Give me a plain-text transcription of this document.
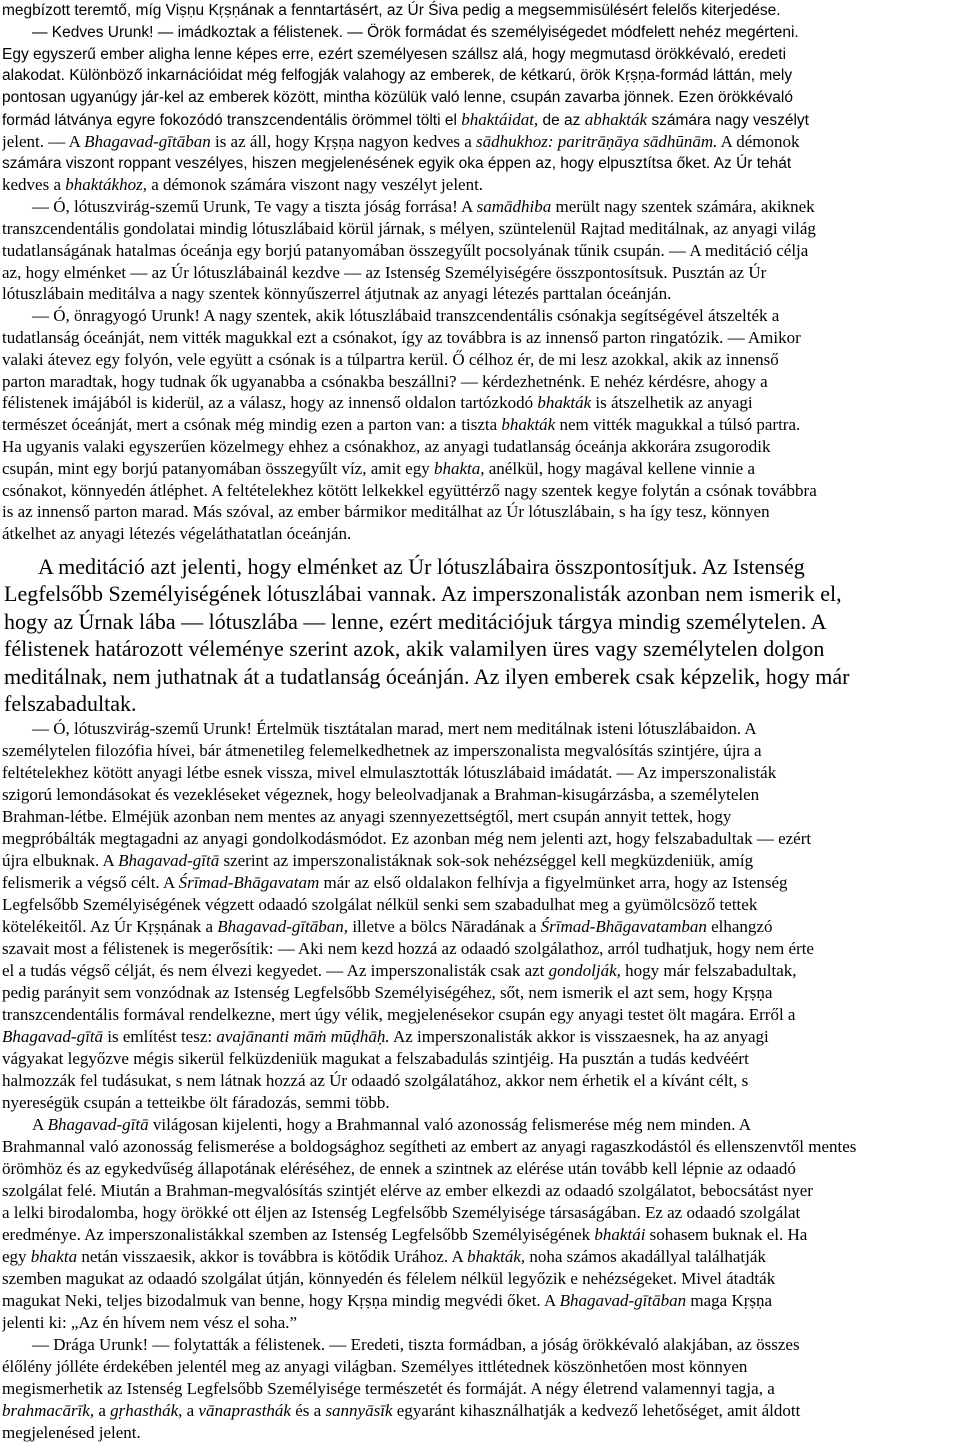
megbízott teremtő, míg Viṣṇu Kṛṣṇának a fenntartásért, az Úr Śiva pedig a megsemmisülésért felelős kiterjedése.
— Kedves Urunk! — imádkoztak a félistenek. — Örök formádat és személyiségedet módfelett nehéz megérteni.
Egy egyszerű ember aligha lenne képes erre, ezért személyesen szállsz alá, hogy megmutasd örökkévaló, eredeti
alakodat. Különböző inkarnációidat még felfogják valahogy az emberek, de kétkarú, örök Kṛṣṇa-formád láttán, mely
pontosan ugyanúgy jár-kel az emberek között, mintha közülük való lenne, csupán zavarba jönnek. Ezen örökkévaló
formád látványa egyre fokozódó transzcendentális örömmel tölti el bhaktáidat, de az abhakták számára nagy veszélyt
jelent. — A Bhagavad-gītāban is az áll, hogy Kṛṣṇa nagyon kedves a sādhukhoz: paritrāṇāya sādhūnām. A démonok
számára viszont roppant veszélyes, hiszen megjelenésének egyik oka éppen az, hogy elpusztítsa őket. Az Úr tehát
kedves a bhaktákhoz, a démonok számára viszont nagy veszélyt jelent.
— Ó, lótuszvirág-szemű Urunk, Te vagy a tiszta jóság forrása! A samādhiba merült nagy szentek számára, akiknek
transzcendentális gondolatai mindig lótuszlábaid körül járnak, s mélyen, szüntelenül Rajtad meditálnak, az anyagi világ
tudatlanságának hatalmas óceánja egy borjú patanyomában összegyűlt pocsolyának tűnik csupán. — A meditáció célja
az, hogy elménket — az Úr lótuszlábainál kezdve — az Istenség Személyiségére összpontosítsuk. Pusztán az Úr
lótuszlábain meditálva a nagy szentek könnyűszerrel átjutnak az anyagi létezés parttalan óceánján.
— Ó, önragyogó Urunk! A nagy szentek, akik lótuszlábaid transzcendentális csónakja segítségével átszelték a
tudatlanság óceánját, nem vitték magukkal ezt a csónakot, így az továbbra is az innenső parton ringatózik. — Amikor
valaki átevez egy folyón, vele együtt a csónak is a túlpartra kerül. Ő célhoz ér, de mi lesz azokkal, akik az innenső
parton maradtak, hogy tudnak ők ugyanabba a csónakba beszállni? — kérdezhetnénk. E nehéz kérdésre, ahogy a
félistenek imájából is kiderül, az a válasz, hogy az innenső oldalon tartózkodó bhakták is átszelhetik az anyagi
természet óceánját, mert a csónak még mindig ezen a parton van: a tiszta bhakták nem vitték magukkal a túlsó partra.
Ha ugyanis valaki egyszerűen közelmegy ehhez a csónakhoz, az anyagi tudatlanság óceánja akkorára zsugorodik
csupán, mint egy borjú patanyomában összegyűlt víz, amit egy bhakta, anélkül, hogy magával kellene vinnie a
csónakot, könnyedén átléphet. A feltételekhez kötött lelkekkel együttérző nagy szentek kegye folytán a csónak továbbra
is az innenső parton marad. Más szóval, az ember bármikor meditálhat az Úr lótuszlábain, s ha így tesz, könnyen
átkelhet az anyagi létezés végeláthatatlan óceánján.
A meditáció azt jelenti, hogy elménket az Úr lótuszlábaira összpontosítjuk. Az Istenség
Legfelsőbb Személyiségének lótuszlábai vannak. Az imperszonalisták azonban nem ismerik el,
hogy az Úrnak lába — lótuszlába — lenne, ezért meditációjuk tárgya mindig személytelen. A
félistenek határozott véleménye szerint azok, akik valamilyen üres vagy személytelen dolgon
meditálnak, nem juthatnak át a tudatlanság óceánján. Az ilyen emberek csak képzelik, hogy már
felszabadultak.
— Ó, lótuszvirág-szemű Urunk! Értelmük tisztátalan marad, mert nem meditálnak isteni lótuszlábaidon. A
személytelen filozófia hívei, bár átmenetileg felemelkedhetnek az imperszonalista megvalósítás szintjére, újra a
feltételekhez kötött anyagi létbe esnek vissza, mivel elmulasztották lótuszlábaid imádatát. — Az imperszonalisták
szigorú lemondásokat és vezekléseket végeznek, hogy beleolvadjanak a Brahman-kisugárzásba, a személytelen
Brahman-létbe. Elméjük azonban nem mentes az anyagi szennyezettségtől, mert csupán annyit tettek, hogy
megpróbálták megtagadni az anyagi gondolkodásmódot. Ez azonban még nem jelenti azt, hogy felszabadultak — ezért
újra elbuknak. A Bhagavad-gītā szerint az imperszonalistáknak sok-sok nehézséggel kell megküzdeniük, amíg
felismerik a végső célt. A Śrīmad-Bhāgavatam már az első oldalakon felhívja a figyelmünket arra, hogy az Istenség
Legfelsőbb Személyiségének végzett odaadó szolgálat nélkül senki sem szabadulhat meg a gyümölcsöző tettek
kötelékeitől. Az Úr Kṛṣṇának a Bhagavad-gītāban, illetve a bölcs Nāradának a Śrīmad-Bhāgavatamban elhangzó
szavait most a félistenek is megerősítik: — Aki nem kezd hozzá az odaadó szolgálathoz, arról tudhatjuk, hogy nem érte
el a tudás végső célját, és nem élvezi kegyedet. — Az imperszonalisták csak azt gondolják, hogy már felszabadultak,
pedig parányit sem vonzódnak az Istenség Legfelsőbb Személyiségéhez, sőt, nem ismerik el azt sem, hogy Kṛṣṇa
transzcendentális formával rendelkezne, mert úgy vélik, megjelenésekor csupán egy anyagi testet ölt magára. Erről a
Bhagavad-gītā is említést tesz: avajānanti māṁ mūḍhāḥ. Az imperszonalisták akkor is visszaesnek, ha az anyagi
vágyakat legyőzve mégis sikerül felküzdeniük magukat a felszabadulás szintjéig. Ha pusztán a tudás kedvéért
halmozzák fel tudásukat, s nem látnak hozzá az Úr odaadó szolgálatához, akkor nem érhetik el a kívánt célt, s
nyereségük csupán a tetteikbe ölt fáradozás, semmi több.
A Bhagavad-gītā világosan kijelenti, hogy a Brahmannal való azonosság felismerése még nem minden. A
Brahmannal való azonosság felismerése a boldogsághoz segítheti az embert az anyagi ragaszkodástól és ellenszenvtől mentes
örömhöz és az egykedvűség állapotának eléréséhez, de ennek a szintnek az elérése után tovább kell lépnie az odaadó
szolgálat felé. Miután a Brahman-megvalósítás szintjét elérve az ember elkezdi az odaadó szolgálatot, bebocsátást nyer
a lelki birodalomba, hogy örökké ott éljen az Istenség Legfelsőbb Személyisége társaságában. Ez az odaadó szolgálat
eredménye. Az imperszonalistákkal szemben az Istenség Legfelsőbb Személyiségének bhaktái sohasem buknak el. Ha
egy bhakta netán visszaesik, akkor is továbbra is kötődik Urához. A bhakták, noha számos akadállyal találhatják
szemben magukat az odaadó szolgálat útján, könnyedén és félelem nélkül legyőzik e nehézségeket. Mivel átadták
magukat Neki, teljes bizodalmuk van benne, hogy Kṛṣṇa mindig megvédi őket. A Bhagavad-gītāban maga Kṛṣṇa
jelenti ki: „Az én hívem nem vész el soha.”
— Drága Urunk! — folytatták a félistenek. — Eredeti, tiszta formádban, a jóság örökkévaló alakjában, az összes
élőlény jólléte érdekében jelentél meg az anyagi világban. Személyes ittlétednek köszönhetően most könnyen
megismerhetik az Istenség Legfelsőbb Személyisége természetét és formáját. A négy életrend valamennyi tagja, a
brahmacārīk, a gṛhasthák, a vānaprasthák és a sannyāsīk egyaránt kihasználhatják a kedvező lehetőséget, amit áldott
megjelenésed jelent.
